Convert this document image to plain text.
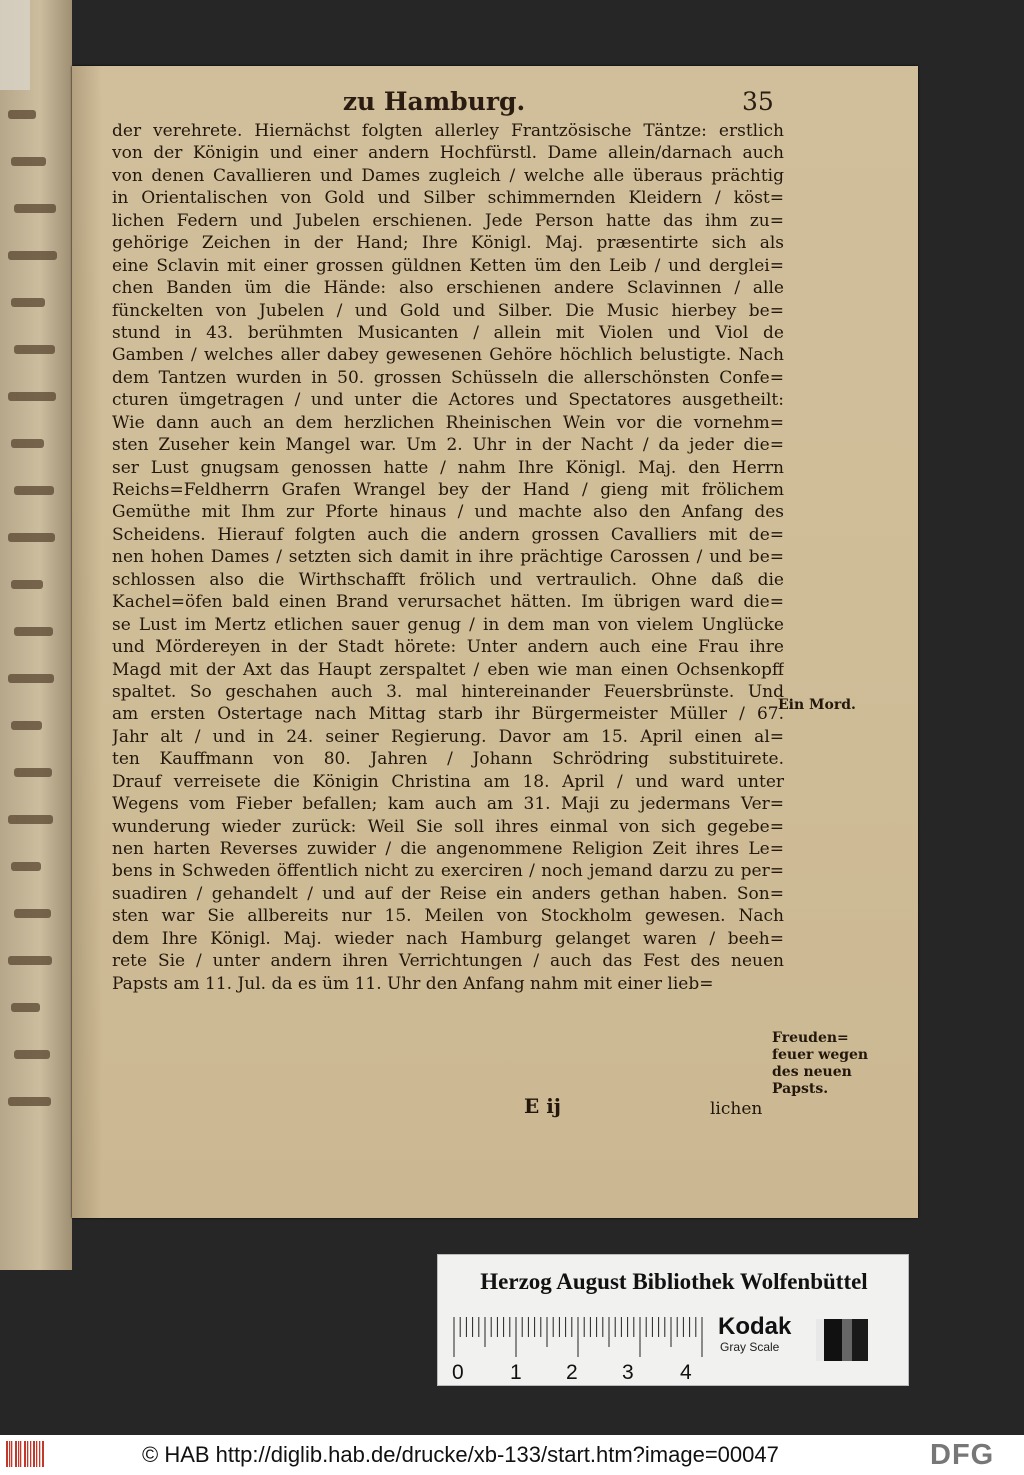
zu Hamburg.	35
der verehrete. Hiernächst folgten allerley Frantzösische Täntze: erstlich
von der Königin und einer andern Hochfürstl. Dame allein/darnach auch
von denen Cavallieren und Dames zugleich / welche alle überaus prächtig
in Orientalischen von Gold und Silber schimmernden Kleidern / köst=
lichen Federn und Jubelen erschienen. Jede Person hatte das ihm zu=
gehörige Zeichen in der Hand; Ihre Königl. Maj. præsentirte sich als
eine Sclavin mit einer grossen güldnen Ketten üm den Leib / und derglei=
chen Banden üm die Hände: also erschienen andere Sclavinnen / alle
fünckelten von Jubelen / und Gold und Silber. Die Music hierbey be=
stund in 43. berühmten Musicanten / allein mit Violen und Viol de
Gamben / welches aller dabey gewesenen Gehöre höchlich belustigte. Nach
dem Tantzen wurden in 50. grossen Schüsseln die allerschönsten Confe=
cturen ümgetragen / und unter die Actores und Spectatores ausgetheilt:
Wie dann auch an dem herzlichen Rheinischen Wein vor die vornehm=
sten Zuseher kein Mangel war. Um 2. Uhr in der Nacht / da jeder die=
ser Lust gnugsam genossen hatte / nahm Ihre Königl. Maj. den Herrn
Reichs=Feldherrn Grafen Wrangel bey der Hand / gieng mit frölichem
Gemüthe mit Ihm zur Pforte hinaus / und machte also den Anfang des
Scheidens. Hierauf folgten auch die andern grossen Cavalliers mit de=
nen hohen Dames / setzten sich damit in ihre prächtige Carossen / und be=
schlossen also die Wirthschafft frölich und vertraulich. Ohne daß die
Kachel=öfen bald einen Brand verursachet hätten. Im übrigen ward die=
se Lust im Mertz etlichen sauer genug / in dem man von vielem Unglücke
und Mördereyen in der Stadt hörete: Unter andern auch eine Frau ihre
Magd mit der Axt das Haupt zerspaltet / eben wie man einen Ochsenkopff
spaltet. So geschahen auch 3. mal hintereinander Feuersbrünste. Und
am ersten Ostertage nach Mittag starb ihr Bürgermeister Müller / 67.
Jahr alt / und in 24. seiner Regierung. Davor am 15. April einen al=
ten Kauffmann von 80. Jahren / Johann Schrödring substituirete.
Drauf verreisete die Königin Christina am 18. April / und ward unter
Wegens vom Fieber befallen; kam auch am 31. Maji zu jedermans Ver=
wunderung wieder zurück: Weil Sie soll ihres einmal von sich gegebe=
nen harten Reverses zuwider / die angenommene Religion Zeit ihres Le=
bens in Schweden öffentlich nicht zu exerciren / noch jemand darzu zu per=
suadiren / gehandelt / und auf der Reise ein anders gethan haben. Son=
sten war Sie allbereits nur 15. Meilen von Stockholm gewesen. Nach
dem Ihre Königl. Maj. wieder nach Hamburg gelanget waren / beeh=
rete Sie / unter andern ihren Verrichtungen / auch das Fest des neuen
Papsts am 11. Jul. da es üm 11. Uhr den Anfang nahm mit einer lieb=
Ein Mord.
Freuden=
feuer wegen
des neuen
Papsts.
E ij	lichen
Herzog August Bibliothek Wolfenbüttel
0 1 2 3 4
Kodak
Gray Scale
© HAB http://diglib.hab.de/drucke/xb-133/start.htm?image=00047	DFG
